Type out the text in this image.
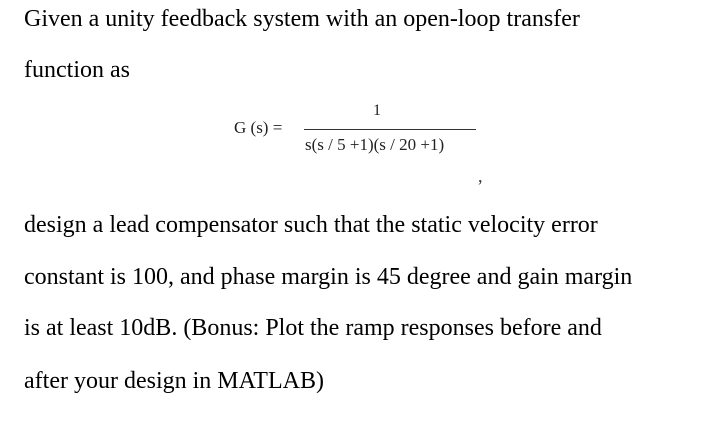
Given a unity feedback system with an open-loop transfer
function as
G (s) =
1
s(s / 5 +1)(s / 20 +1)
,
design a lead compensator such that the static velocity error
constant is 100, and phase margin is 45 degree and gain margin
is at least 10dB. (Bonus: Plot the ramp responses before and
after your design in MATLAB)
